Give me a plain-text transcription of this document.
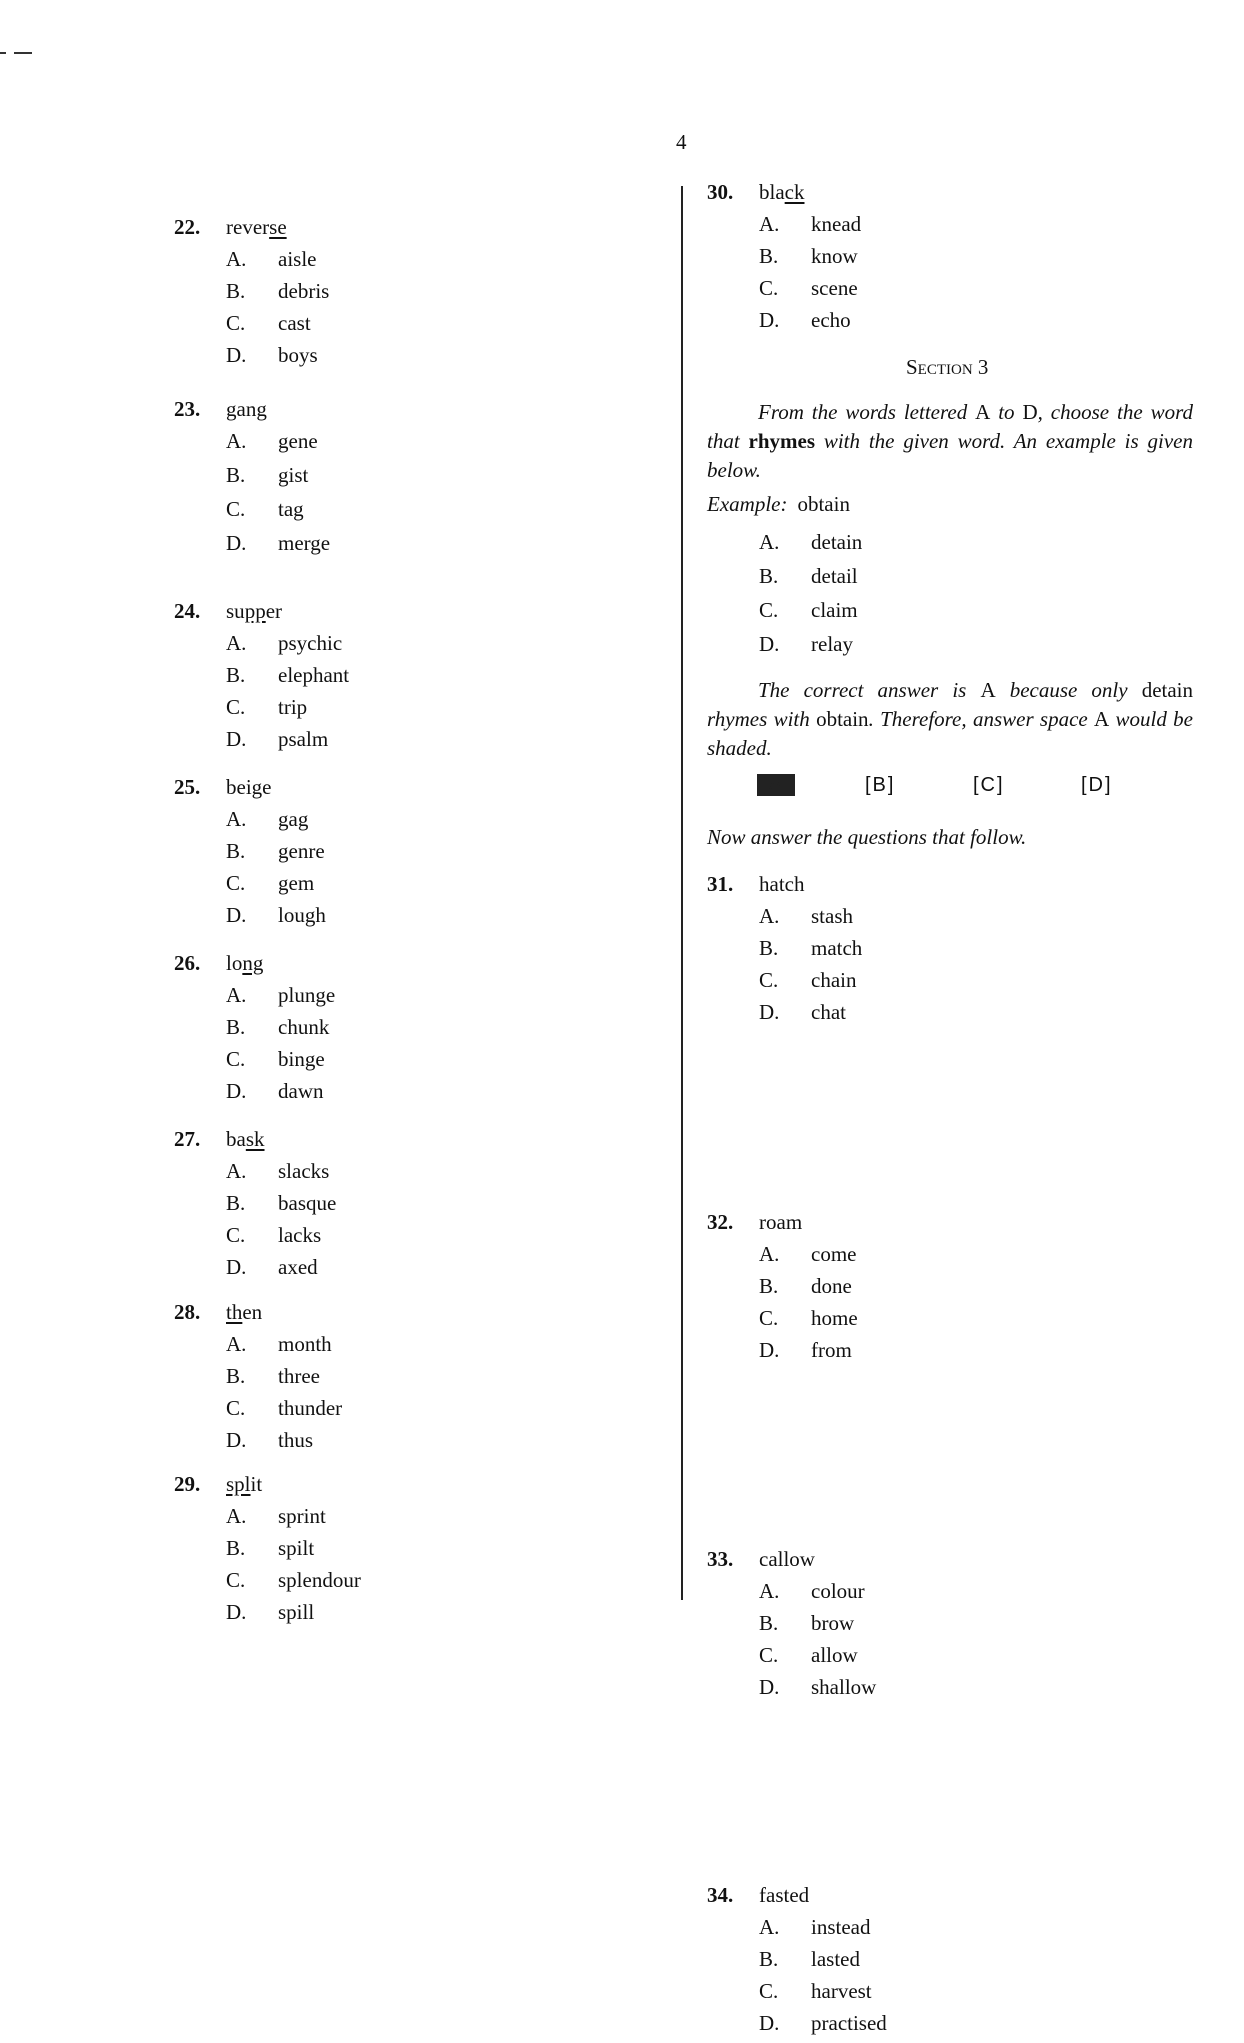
4
22.	reverse
A.	aisle
B.	debris
C.	cast
D.	boys
23.	gang
A.	gene
B.	gist
C.	tag
D.	merge
24.	supper
A.	psychic
B.	elephant
C.	trip
D.	psalm
25.	beige
A.	gag
B.	genre
C.	gem
D.	lough
26.	long
A.	plunge
B.	chunk
C.	binge
D.	dawn
27.	bask
A.	slacks
B.	basque
C.	lacks
D.	axed
28.	then
A.	month
B.	three
C.	thunder
D.	thus
29.	split
A.	sprint
B.	spilt
C.	splendour
D.	spill
30.	black
A.	knead
B.	know
C.	scene
D.	echo
Section 3
From the words lettered A to D, choose the word that rhymes with the given word. An example is given below.
Example: obtain
A.	detain
B.	detail
C.	claim
D.	relay
The correct answer is A because only detain rhymes with obtain. Therefore, answer space A would be shaded.
[A]	[B]	[C]	[D]
Now answer the questions that follow.
31.	hatch
A.	stash
B.	match
C.	chain
D.	chat
32.	roam
A.	come
B.	done
C.	home
D.	from
33.	callow
A.	colour
B.	brow
C.	allow
D.	shallow
34.	fasted
A.	instead
B.	lasted
C.	harvest
D.	practised
